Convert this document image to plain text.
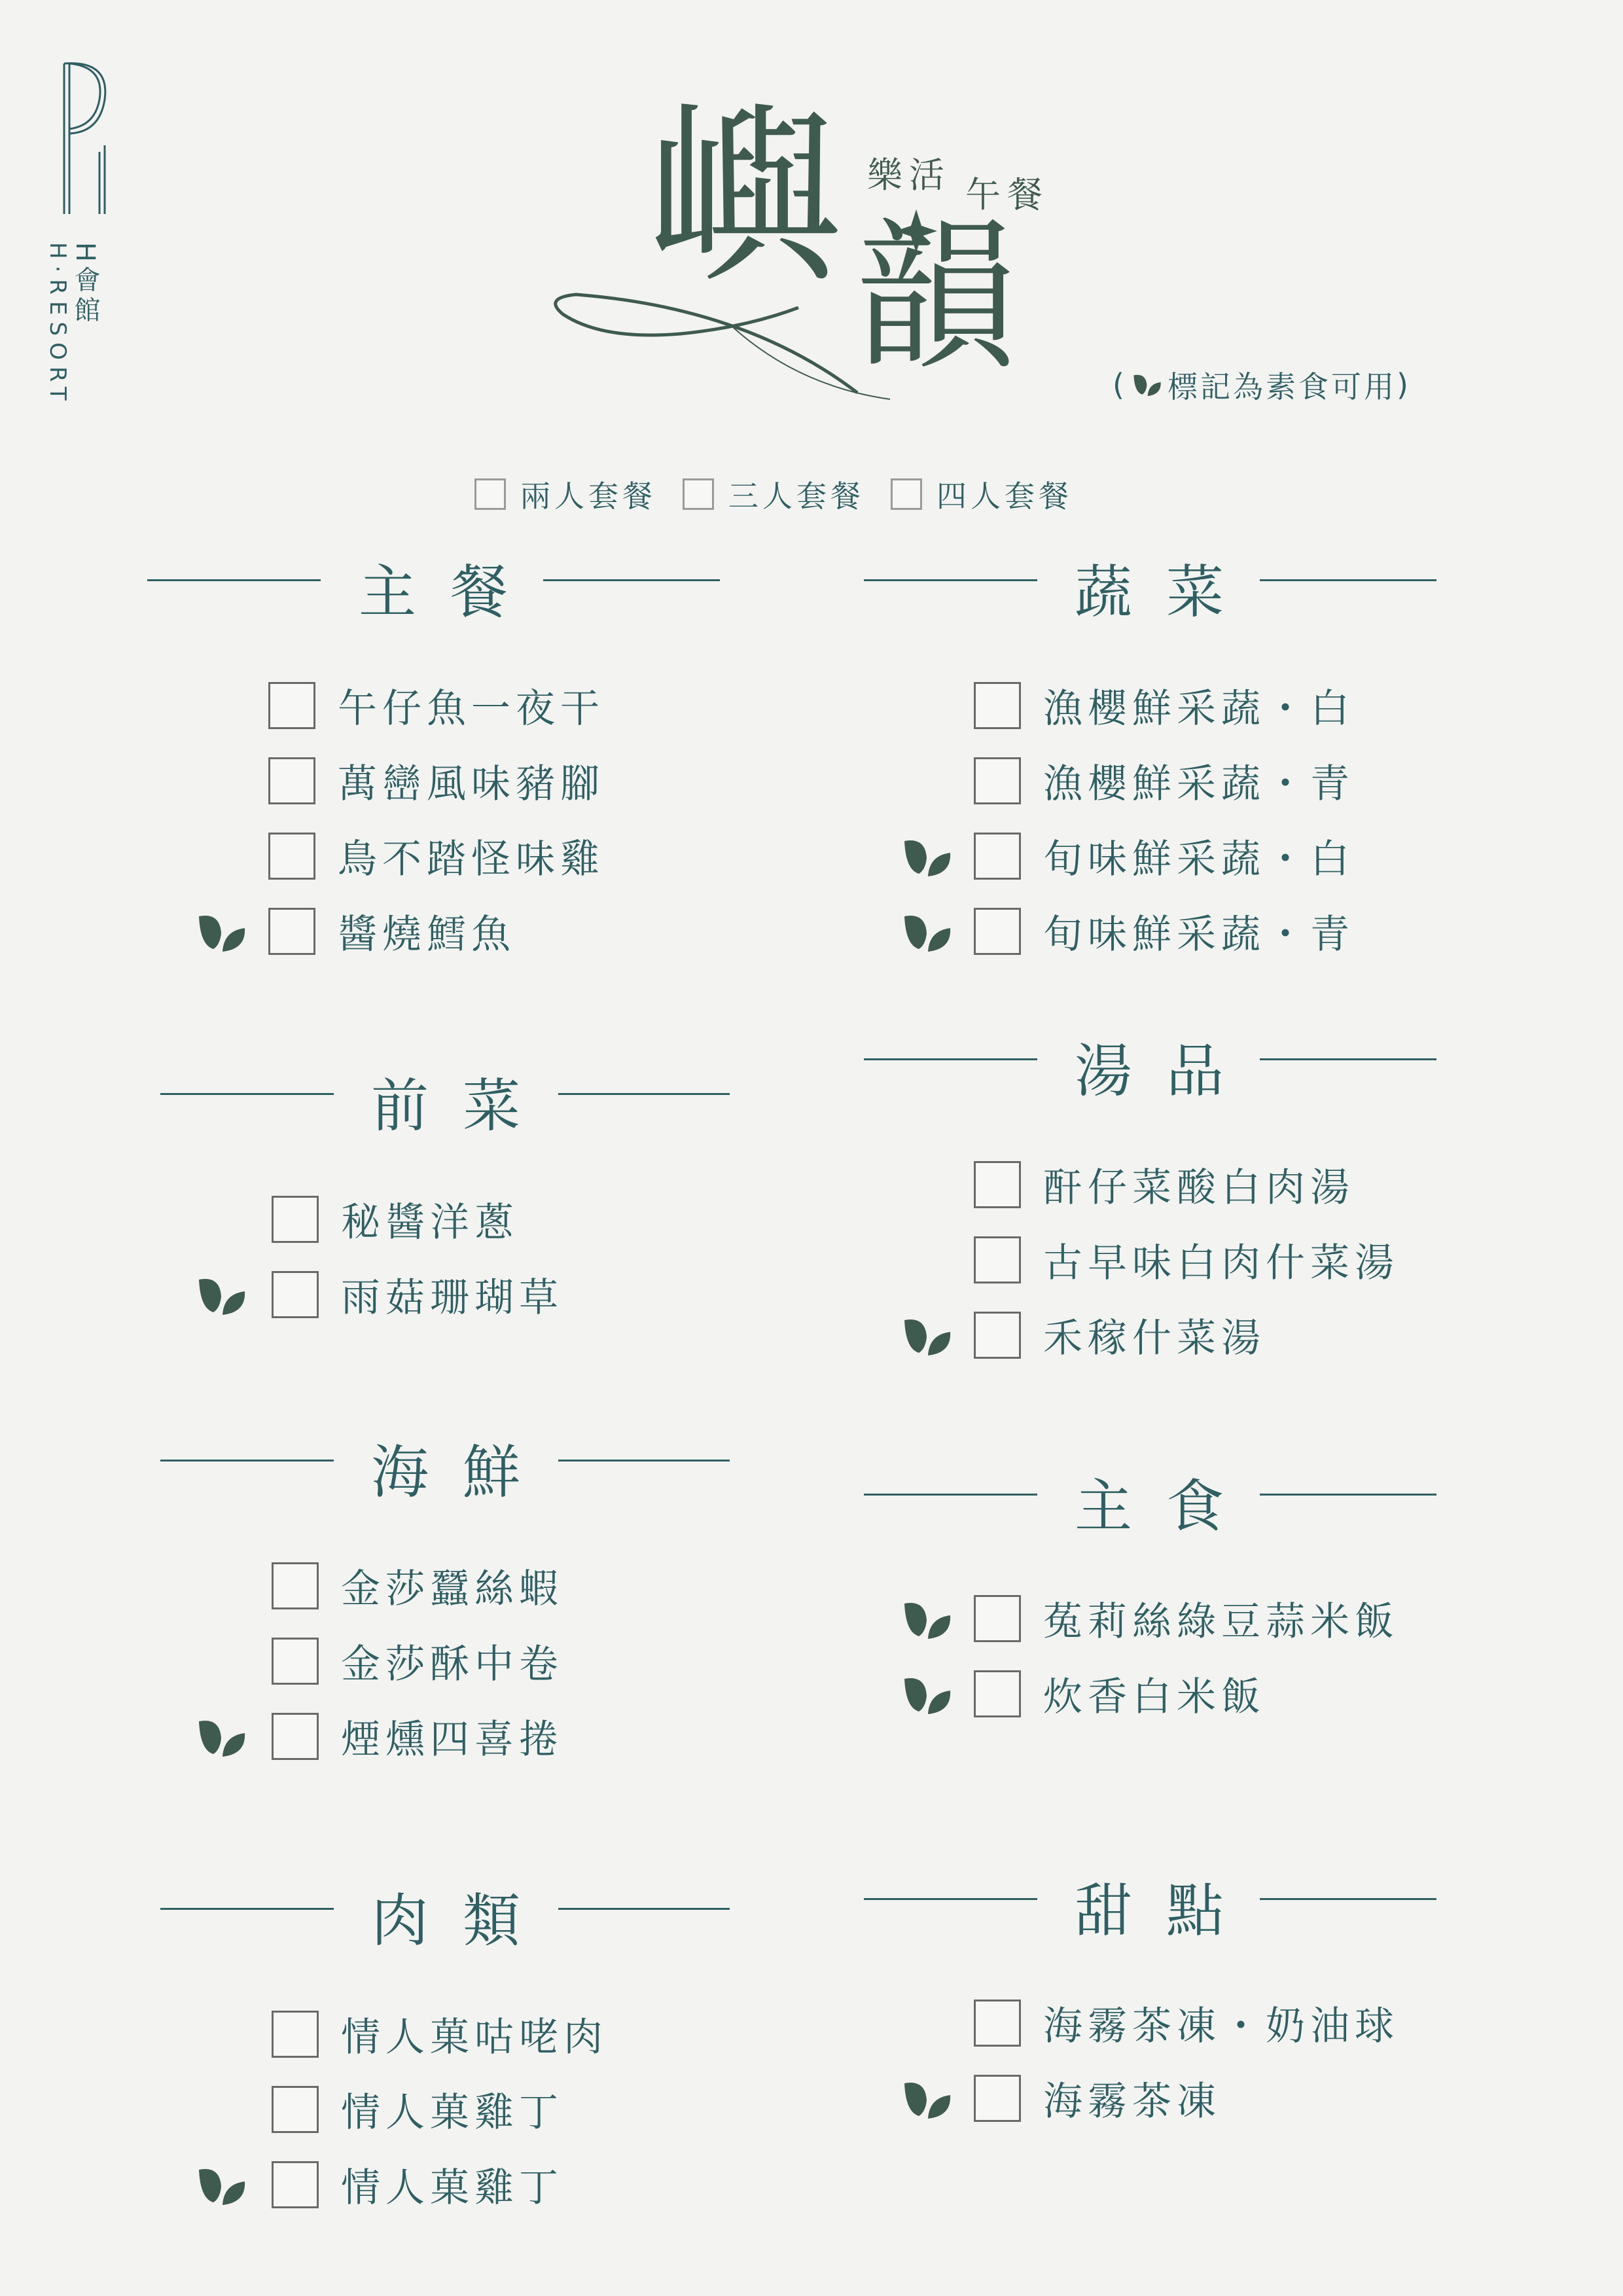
H·RESORT H會館	嶼 韻
樂活 午餐
( 標記為素食可用 )
兩人套餐 三人套餐 四人套餐
主餐
午仔魚一夜干
萬巒風味豬腳
鳥不踏怪味雞
醬燒鱈魚
前菜
秘醬洋蔥
雨菇珊瑚草
海鮮
金莎蠶絲蝦
金莎酥中卷
煙燻四喜捲
肉類
情人菓咕咾肉
情人菓雞丁
情人菓雞丁
蔬菜
漁櫻鮮采蔬・白
漁櫻鮮采蔬・青
旬味鮮采蔬・白
旬味鮮采蔬・青
湯品
酐仔菜酸白肉湯
古早味白肉什菜湯
禾稼什菜湯
主食
菟莉絲綠豆蒜米飯
炊香白米飯
甜點
海霧茶凍・奶油球
海霧茶凍
